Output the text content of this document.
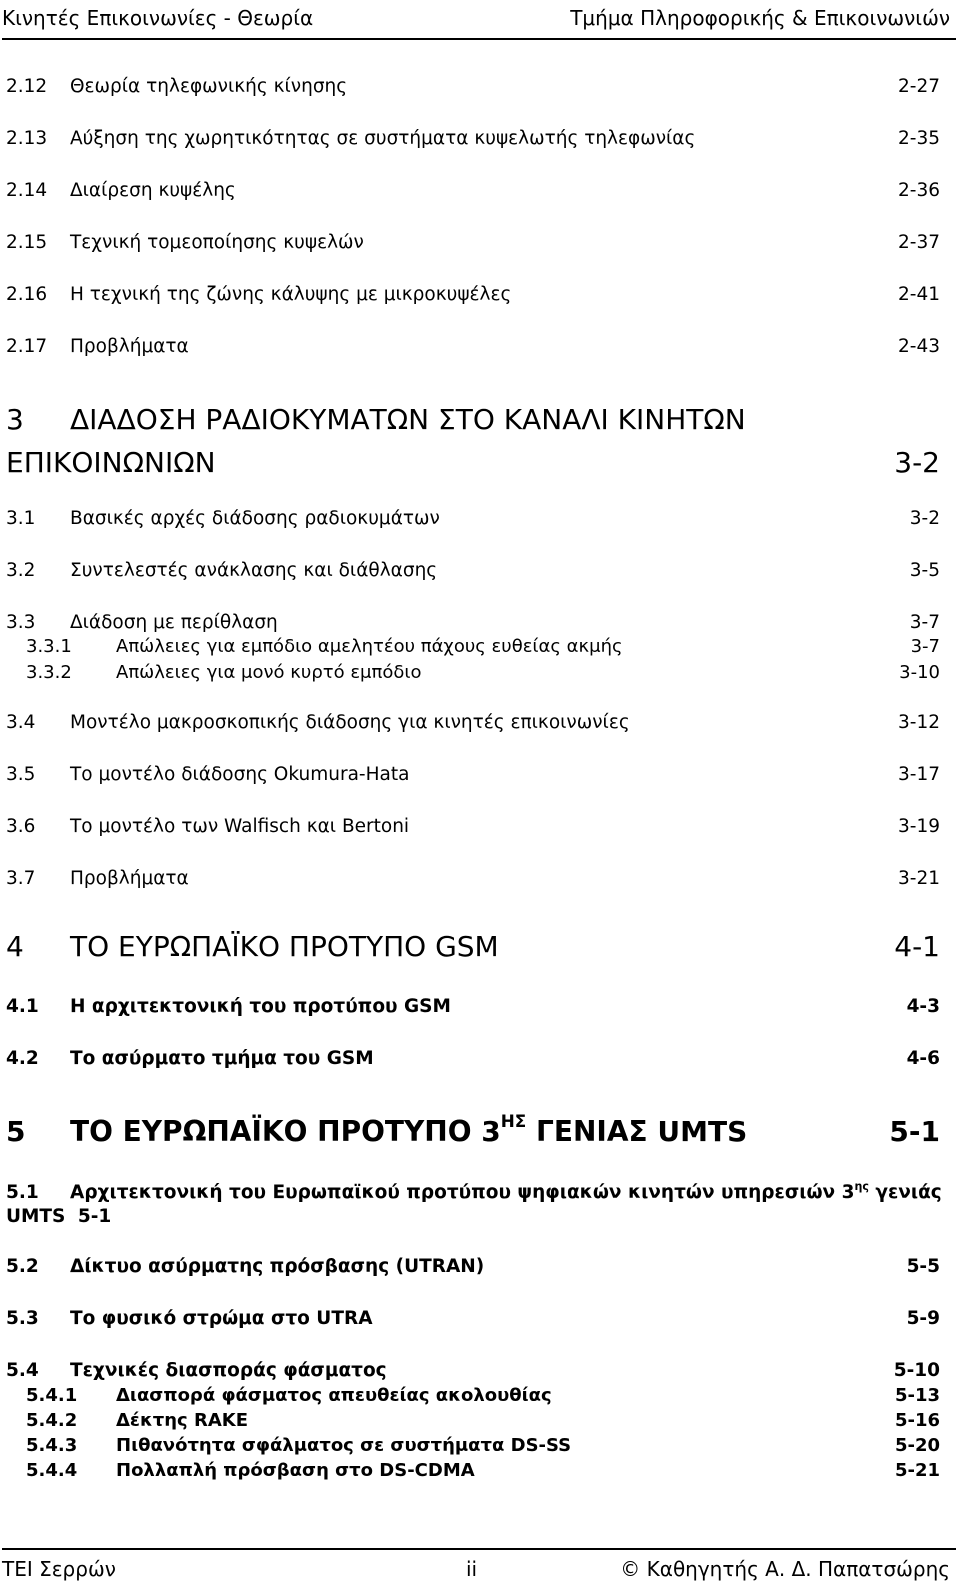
Κινητές Επικοινωνίες - Θεωρία	Τμήμα Πληροφορικής & Επικοινωνιών
2.12 Θεωρία τηλεφωνικής κίνησης	2-27
2.13 Αύξηση της χωρητικότητας σε συστήματα κυψελωτής τηλεφωνίας	2-35
2.14 Διαίρεση κυψέλης	2-36
2.15 Τεχνική τομεοποίησης κυψελών	2-37
2.16 Η τεχνική της ζώνης κάλυψης με μικροκυψέλες	2-41
2.17 Προβλήματα	2-43
3 ΔΙΑΔΟΣΗ ΡΑΔΙΟΚΥΜΑΤΩΝ ΣΤΟ ΚΑΝΑΛΙ ΚΙΝΗΤΩΝ
ΕΠΙΚΟΙΝΩΝΙΩΝ	3-2
3.1 Βασικές αρχές διάδοσης ραδιοκυμάτων	3-2
3.2 Συντελεστές ανάκλασης και διάθλασης	3-5
3.3 Διάδοση με περίθλαση	3-7
3.3.1 Απώλειες για εμπόδιο αμελητέου πάχους ευθείας ακμής	3-7
3.3.2 Απώλειες για μονό κυρτό εμπόδιο	3-10
3.4 Μοντέλο μακροσκοπικής διάδοσης για κινητές επικοινωνίες	3-12
3.5 Το μοντέλο διάδοσης Okumura-Hata	3-17
3.6 Το μοντέλο των Walfisch και Bertoni	3-19
3.7 Προβλήματα	3-21
4 ΤΟ ΕΥΡΩΠΑΪΚΟ ΠΡΟΤΥΠΟ GSM	4-1
4.1 Η αρχιτεκτονική του προτύπου GSM	4-3
4.2 Το ασύρματο τμήμα του GSM	4-6
5 ΤΟ ΕΥΡΩΠΑΪΚΟ ΠΡΟΤΥΠΟ $3^{H\Sigma}$ ΓΕΝΙΑΣ UMTS	5-1
5.1 Αρχιτεκτονική του Ευρωπαϊκού προτύπου ψηφιακών κινητών υπηρεσιών $3^{\eta\varsigma}$ γενιάς
UMTS 5-1
5.2 Δίκτυο ασύρματης πρόσβασης (UTRAN)	5-5
5.3 Το φυσικό στρώμα στο UTRA	5-9
5.4 Τεχνικές διασποράς φάσματος	5-10
5.4.1 Διασπορά φάσματος απευθείας ακολουθίας	5-13
5.4.2 Δέκτης RAKE	5-16
5.4.3 Πιθανότητα σφάλματος σε συστήματα DS-SS	5-20
5.4.4 Πολλαπλή πρόσβαση στο DS-CDMA	5-21
ΤΕΙ Σερρών	ii	© Καθηγητής Α. Δ. Παπατσώρης
